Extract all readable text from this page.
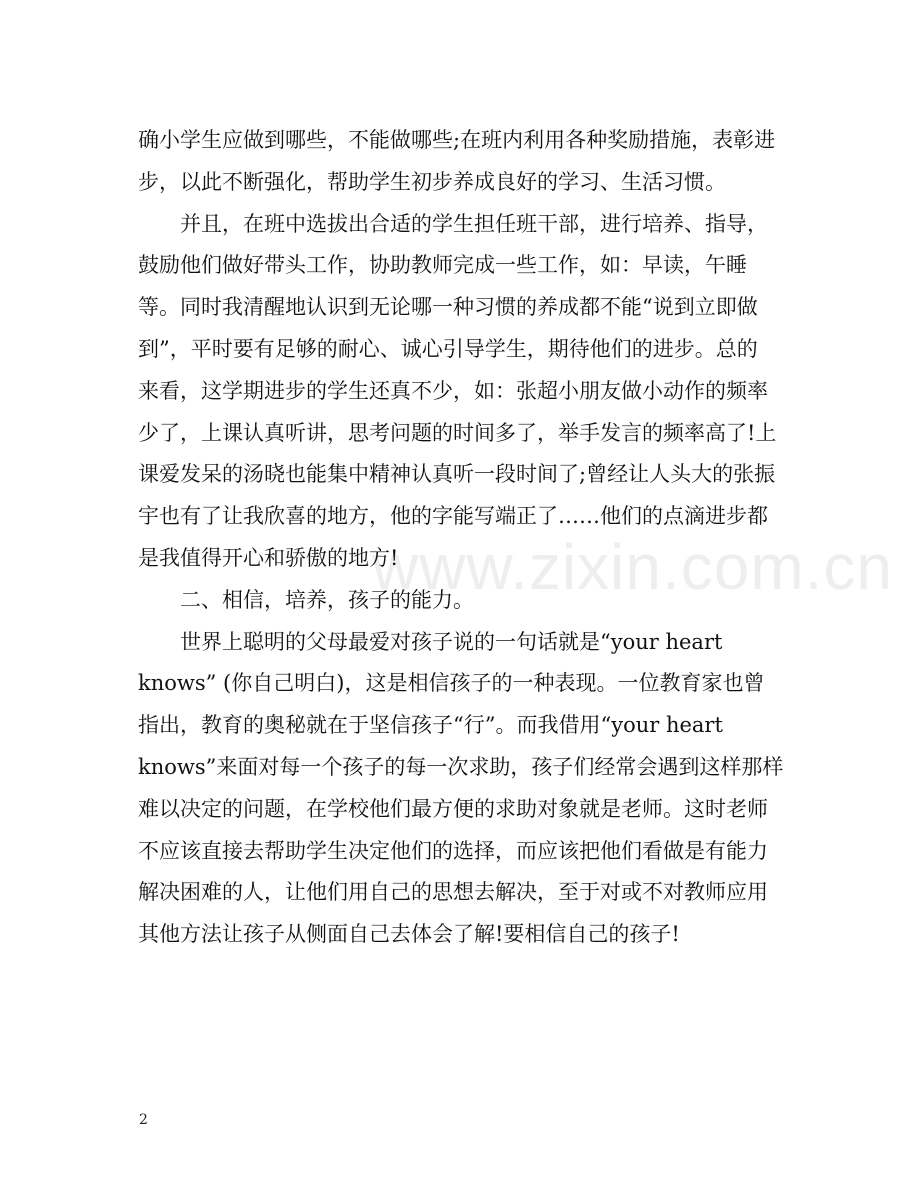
www.zixin.com.cn
确小学生应做到哪些，不能做哪些;在班内利用各种奖励措施，表彰进
步，以此不断强化，帮助学生初步养成良好的学习、生活习惯。
并且，在班中选拔出合适的学生担任班干部，进行培养、指导，
鼓励他们做好带头工作，协助教师完成一些工作，如：早读，午睡
等。同时我清醒地认识到无论哪一种习惯的养成都不能“说到立即做
到”，平时要有足够的耐心、诚心引导学生，期待他们的进步。总的
来看，这学期进步的学生还真不少，如：张超小朋友做小动作的频率
少了，上课认真听讲，思考问题的时间多了，举手发言的频率高了!上
课爱发呆的汤晓也能集中精神认真听一段时间了;曾经让人头大的张振
宇也有了让我欣喜的地方，他的字能写端正了……他们的点滴进步都
是我值得开心和骄傲的地方!
二、相信，培养，孩子的能力。
世界上聪明的父母最爱对孩子说的一句话就是“your heart
knows” (你自己明白)，这是相信孩子的一种表现。一位教育家也曾
指出，教育的奥秘就在于坚信孩子“行”。而我借用“your heart
knows”来面对每一个孩子的每一次求助，孩子们经常会遇到这样那样
难以决定的问题，在学校他们最方便的求助对象就是老师。这时老师
不应该直接去帮助学生决定他们的选择，而应该把他们看做是有能力
解决困难的人，让他们用自己的思想去解决，至于对或不对教师应用
其他方法让孩子从侧面自己去体会了解!要相信自己的孩子!
2
